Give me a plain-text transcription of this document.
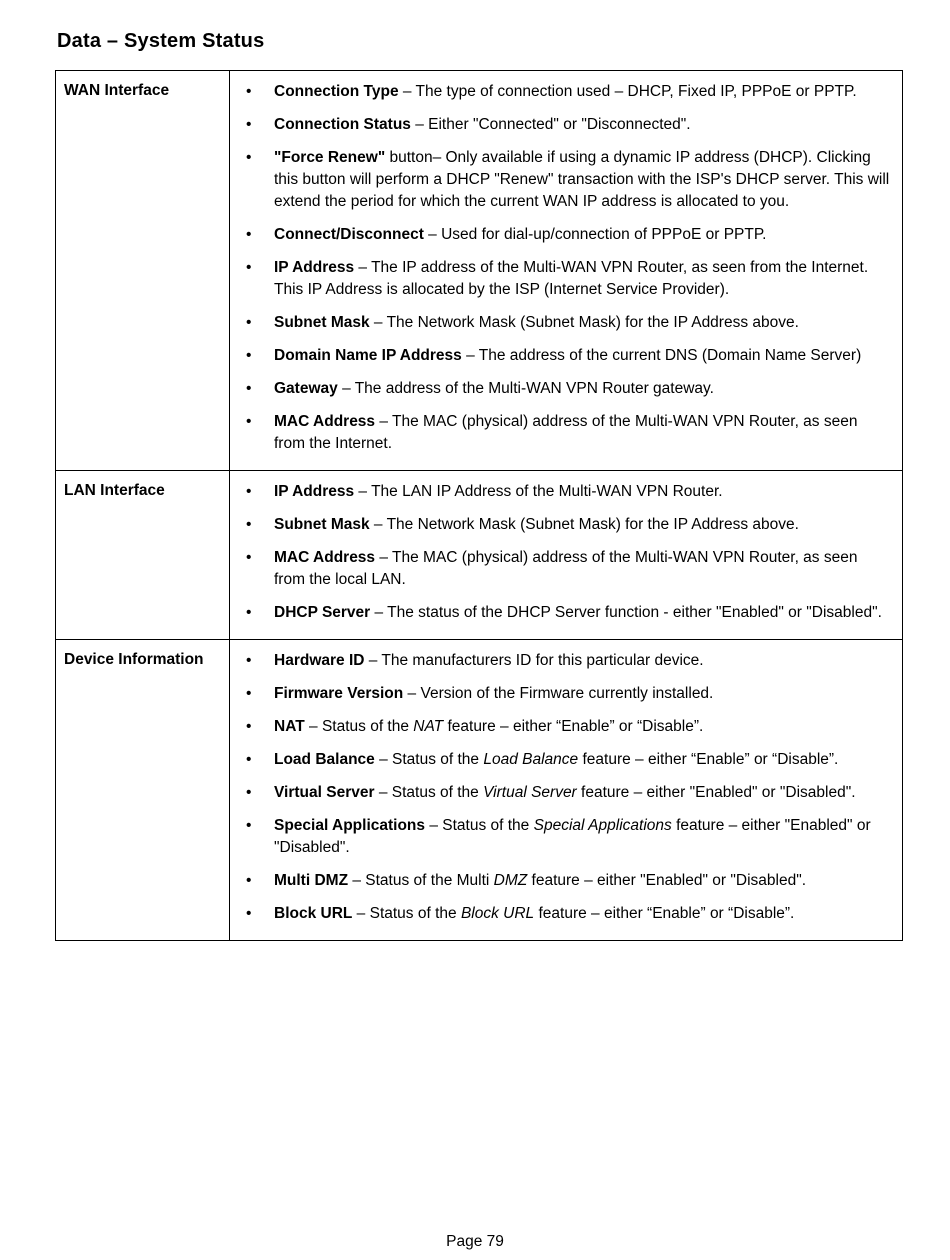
Data – System Status
WAN Interface	
•Connection Type – The type of connection used – DHCP, Fixed IP, PPPoE or PPTP.
• Connection Status – Either "Connected" or "Disconnected".
• "Force Renew" button– Only available if using a dynamic IP address (DHCP). Clicking this button will perform a DHCP "Renew" transaction with the ISP's DHCP server. This will extend the period for which the current WAN IP address is allocated to you.
• Connect/Disconnect – Used for dial-up/connection of PPPoE or PPTP.
• IP Address – The IP address of the Multi-WAN VPN Router, as seen from the Internet. This IP Address is allocated by the ISP (Internet Service Provider).
• Subnet Mask – The Network Mask (Subnet Mask) for the IP Address above.
• Domain Name IP Address – The address of the current DNS (Domain Name Server)
• Gateway – The address of the Multi-WAN VPN Router gateway.
• MAC Address – The MAC (physical) address of the Multi-WAN VPN Router, as seen from the Internet.

LAN Interface	
•IP Address – The LAN IP Address of the Multi-WAN VPN Router.
• Subnet Mask – The Network Mask (Subnet Mask) for the IP Address above.
• MAC Address – The MAC (physical) address of the Multi-WAN VPN Router, as seen from the local LAN.
• DHCP Server – The status of the DHCP Server function - either "Enabled" or "Disabled".

Device Information	
•Hardware ID – The manufacturers ID for this particular device.
• Firmware Version – Version of the Firmware currently installed.
• NAT – Status of the NAT feature – either “Enable” or “Disable”.
• Load Balance – Status of the Load Balance feature – either “Enable” or “Disable”.
• Virtual Server – Status of the Virtual Server feature – either "Enabled" or "Disabled".
• Special Applications – Status of the Special Applications feature – either "Enabled" or "Disabled".
• Multi DMZ – Status of the Multi DMZ feature – either "Enabled" or "Disabled".
• Block URL – Status of the Block URL feature – either “Enable” or “Disable”.
Page 79
